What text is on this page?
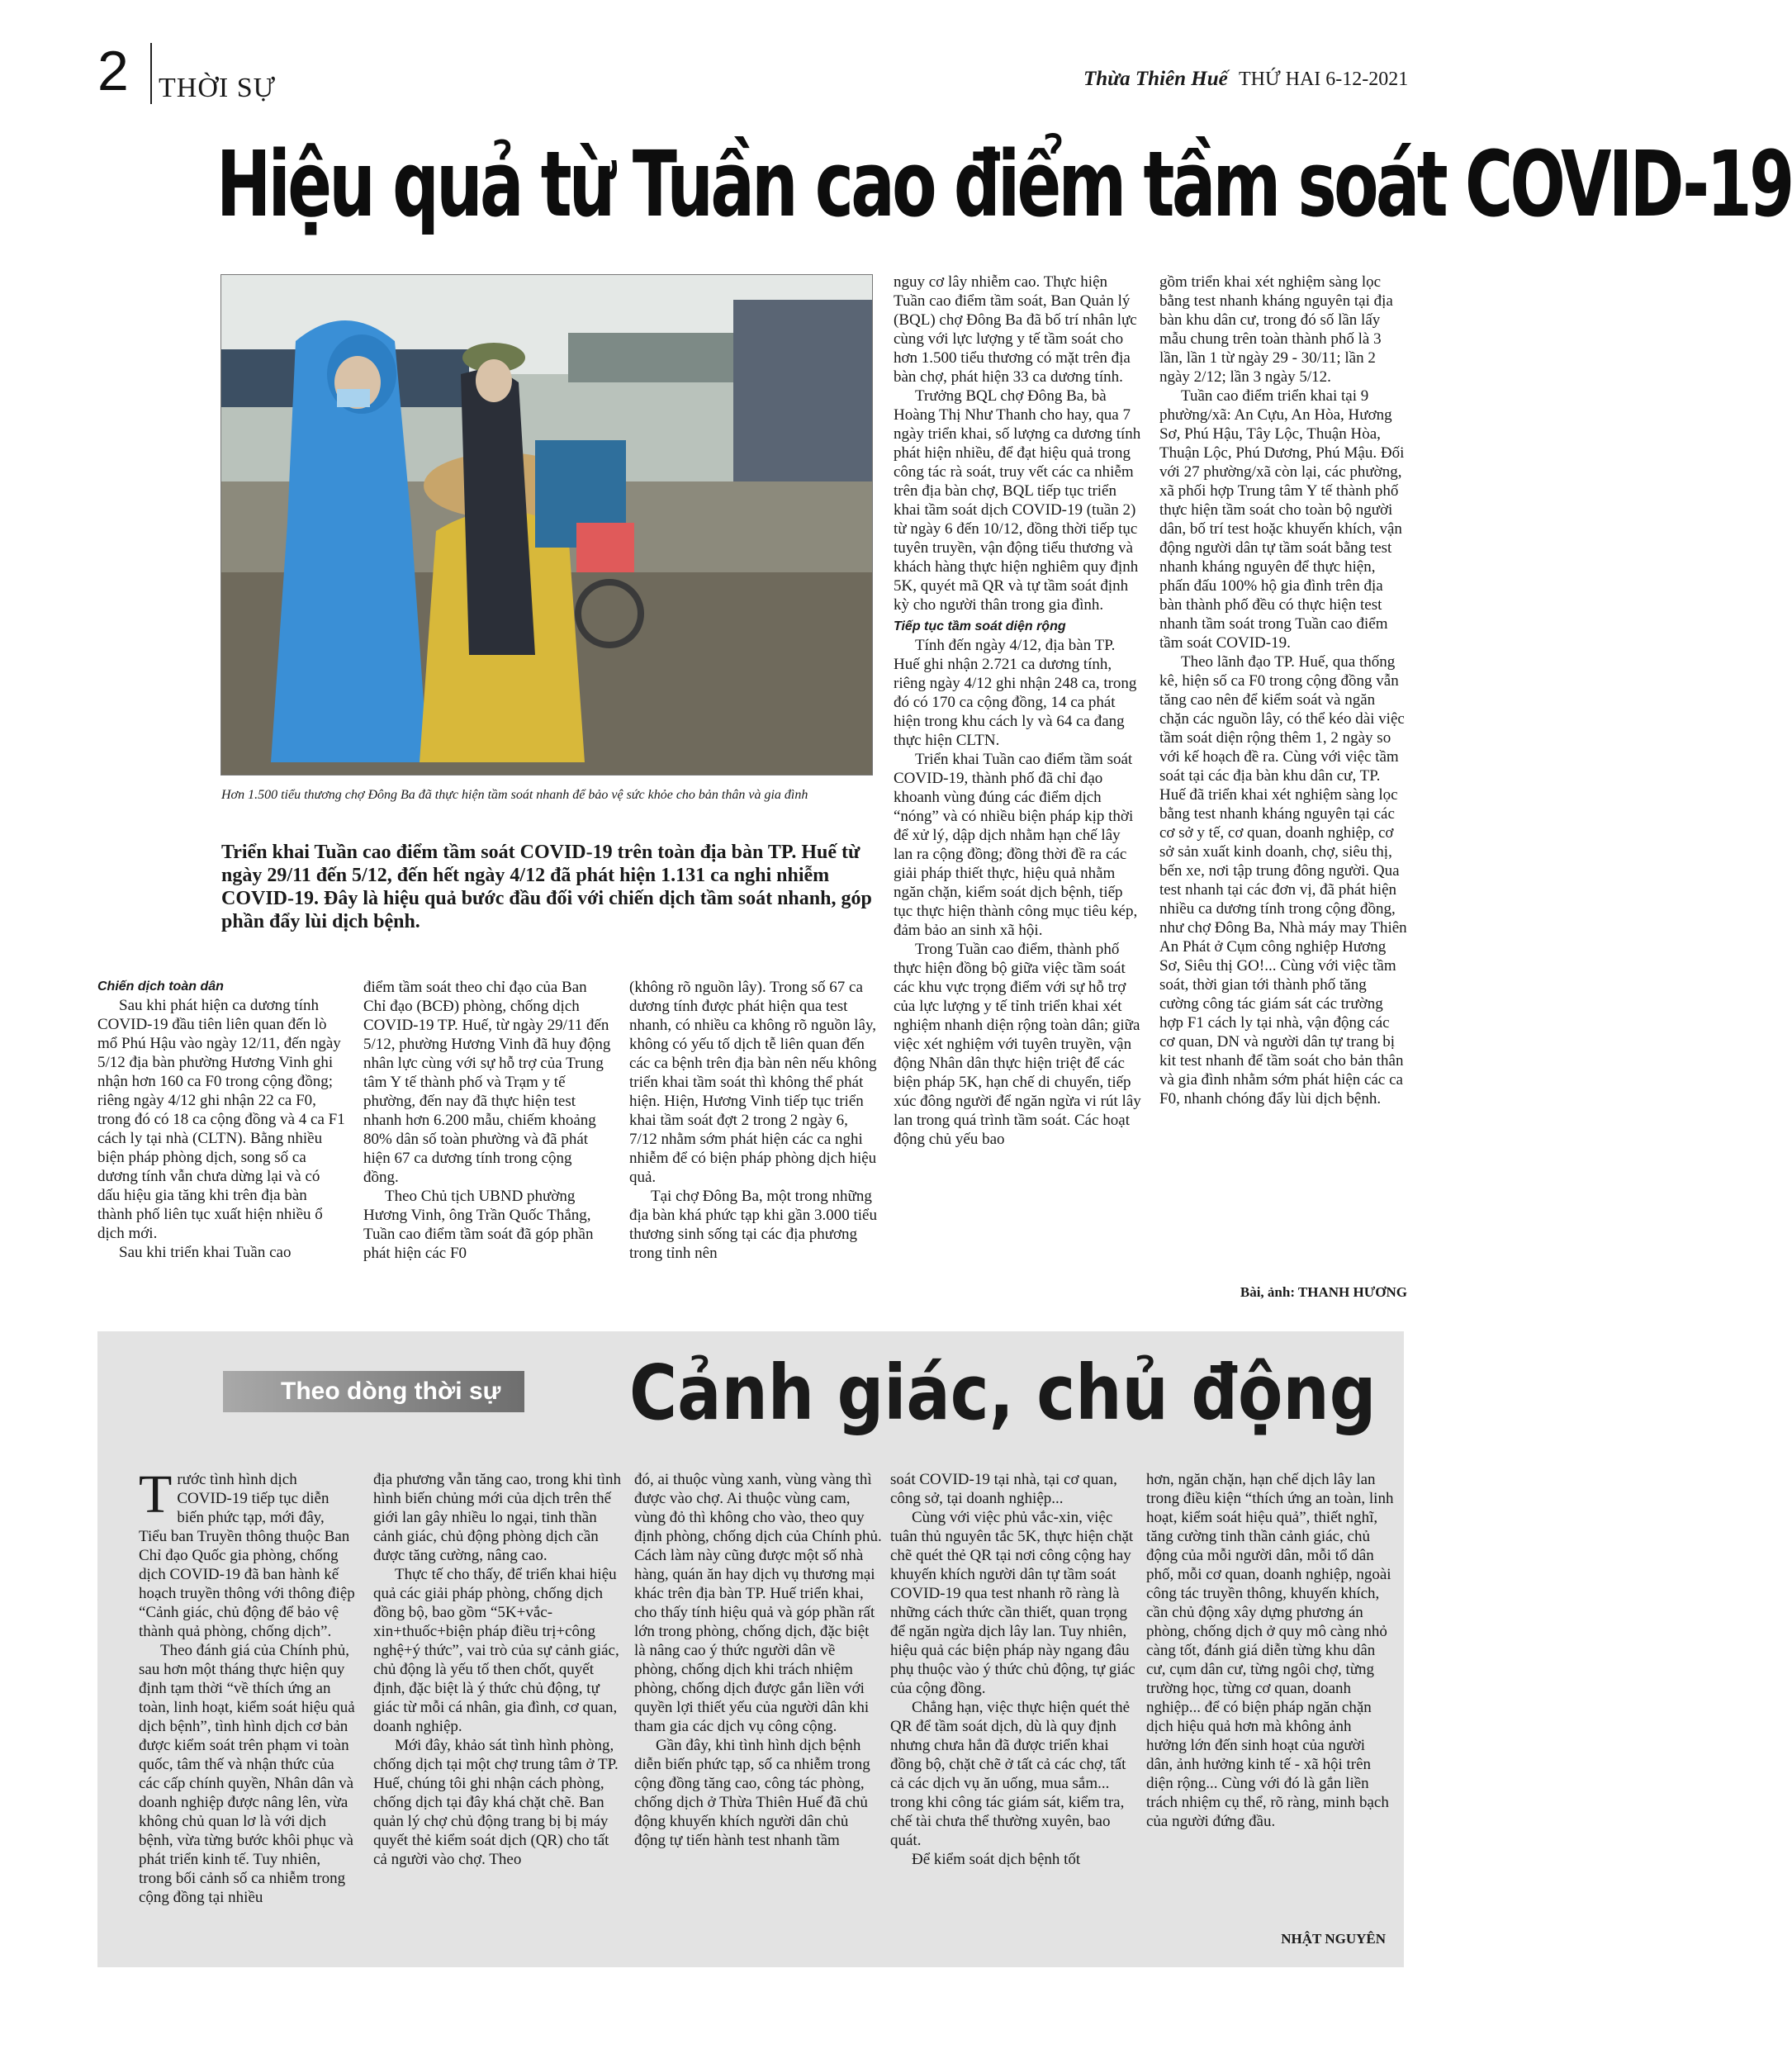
2 THỜI SỰ	Thừa Thiên Huế THỨ HAI 6-12-2021
Hiệu quả từ Tuần cao điểm tầm soát COVID-19
Hơn 1.500 tiểu thương chợ Đông Ba đã thực hiện tầm soát nhanh để bảo vệ sức khỏe cho bản thân và gia đình
Triển khai Tuần cao điểm tầm soát COVID-19 trên toàn địa bàn TP. Huế từ ngày 29/11 đến 5/12, đến hết ngày 4/12 đã phát hiện 1.131 ca nghi nhiễm COVID-19. Đây là hiệu quả bước đầu đối với chiến dịch tầm soát nhanh, góp phần đẩy lùi dịch bệnh.
Chiến dịch toàn dân

Sau khi phát hiện ca dương tính COVID-19 đầu tiên liên quan đến lò mổ Phú Hậu vào ngày 12/11, đến ngày 5/12 địa bàn phường Hương Vinh ghi nhận hơn 160 ca F0 trong cộng đồng; riêng ngày 4/12 ghi nhận 22 ca F0, trong đó có 18 ca cộng đồng và 4 ca F1 cách ly tại nhà (CLTN). Bằng nhiều biện pháp phòng dịch, song số ca dương tính vẫn chưa dừng lại và có dấu hiệu gia tăng khi trên địa bàn thành phố liên tục xuất hiện nhiều ổ dịch mới.

Sau khi triển khai Tuần cao

điểm tầm soát theo chỉ đạo của Ban Chỉ đạo (BCĐ) phòng, chống dịch COVID-19 TP. Huế, từ ngày 29/11 đến 5/12, phường Hương Vinh đã huy động nhân lực cùng với sự hỗ trợ của Trung tâm Y tế thành phố và Trạm y tế phường, đến nay đã thực hiện test nhanh hơn 6.200 mẫu, chiếm khoảng 80% dân số toàn phường và đã phát hiện 67 ca dương tính trong cộng đồng.

Theo Chủ tịch UBND phường Hương Vinh, ông Trần Quốc Thắng, Tuần cao điểm tầm soát đã góp phần phát hiện các F0

(không rõ nguồn lây). Trong số 67 ca dương tính được phát hiện qua test nhanh, có nhiều ca không rõ nguồn lây, không có yếu tố dịch tễ liên quan đến các ca bệnh trên địa bàn nên nếu không triển khai tầm soát thì không thể phát hiện. Hiện, Hương Vinh tiếp tục triển khai tầm soát đợt 2 trong 2 ngày 6, 7/12 nhằm sớm phát hiện các ca nghi nhiễm để có biện pháp phòng dịch hiệu quả.

Tại chợ Đông Ba, một trong những địa bàn khá phức tạp khi gần 3.000 tiểu thương sinh sống tại các địa phương trong tỉnh nên

nguy cơ lây nhiễm cao. Thực hiện Tuần cao điểm tầm soát, Ban Quản lý (BQL) chợ Đông Ba đã bố trí nhân lực cùng với lực lượng y tế tầm soát cho hơn 1.500 tiểu thương có mặt trên địa bàn chợ, phát hiện 33 ca dương tính.

Trưởng BQL chợ Đông Ba, bà Hoàng Thị Như Thanh cho hay, qua 7 ngày triển khai, số lượng ca dương tính phát hiện nhiều, để đạt hiệu quả trong công tác rà soát, truy vết các ca nhiễm trên địa bàn chợ, BQL tiếp tục triển khai tầm soát dịch COVID-19 (tuần 2) từ ngày 6 đến 10/12, đồng thời tiếp tục tuyên truyền, vận động tiểu thương và khách hàng thực hiện nghiêm quy định 5K, quyét mã QR và tự tầm soát định kỳ cho người thân trong gia đình.

Tiếp tục tầm soát diện rộng

Tính đến ngày 4/12, địa bàn TP. Huế ghi nhận 2.721 ca dương tính, riêng ngày 4/12 ghi nhận 248 ca, trong đó có 170 ca cộng đồng, 14 ca phát hiện trong khu cách ly và 64 ca đang thực hiện CLTN.

Triển khai Tuần cao điểm tầm soát COVID-19, thành phố đã chỉ đạo khoanh vùng đúng các điểm dịch “nóng” và có nhiều biện pháp kịp thời để xử lý, dập dịch nhằm hạn chế lây lan ra cộng đồng; đồng thời đề ra các giải pháp thiết thực, hiệu quả nhằm ngăn chặn, kiểm soát dịch bệnh, tiếp tục thực hiện thành công mục tiêu kép, đảm bảo an sinh xã hội.

Trong Tuần cao điểm, thành phố thực hiện đồng bộ giữa việc tầm soát các khu vực trọng điểm với sự hỗ trợ của lực lượng y tế tỉnh triển khai xét nghiệm nhanh diện rộng toàn dân; giữa việc xét nghiệm với tuyên truyền, vận động Nhân dân thực hiện triệt để các biện pháp 5K, hạn chế di chuyển, tiếp xúc đông người để ngăn ngừa vi rút lây lan trong quá trình tầm soát. Các hoạt động chủ yếu bao

gồm triển khai xét nghiệm sàng lọc bằng test nhanh kháng nguyên tại địa bàn khu dân cư, trong đó số lần lấy mẫu chung trên toàn thành phố là 3 lần, lần 1 từ ngày 29 - 30/11; lần 2 ngày 2/12; lần 3 ngày 5/12.

Tuần cao điểm triển khai tại 9 phường/xã: An Cựu, An Hòa, Hương Sơ, Phú Hậu, Tây Lộc, Thuận Hòa, Thuận Lộc, Phú Dương, Phú Mậu. Đối với 27 phường/xã còn lại, các phường, xã phối hợp Trung tâm Y tế thành phố thực hiện tầm soát cho toàn bộ người dân, bố trí test hoặc khuyến khích, vận động người dân tự tầm soát bằng test nhanh kháng nguyên để thực hiện, phấn đấu 100% hộ gia đình trên địa bàn thành phố đều có thực hiện test nhanh tầm soát trong Tuần cao điểm tầm soát COVID-19.

Theo lãnh đạo TP. Huế, qua thống kê, hiện số ca F0 trong cộng đồng vẫn tăng cao nên để kiểm soát và ngăn chặn các nguồn lây, có thể kéo dài việc tầm soát diện rộng thêm 1, 2 ngày so với kế hoạch đề ra. Cùng với việc tầm soát tại các địa bàn khu dân cư, TP. Huế đã triển khai xét nghiệm sàng lọc bằng test nhanh kháng nguyên tại các cơ sở y tế, cơ quan, doanh nghiệp, cơ sở sản xuất kinh doanh, chợ, siêu thị, bến xe, nơi tập trung đông người. Qua test nhanh tại các đơn vị, đã phát hiện nhiều ca dương tính trong cộng đồng, như chợ Đông Ba, Nhà máy may Thiên An Phát ở Cụm công nghiệp Hương Sơ, Siêu thị GO!... Cùng với việc tầm soát, thời gian tới thành phố tăng cường công tác giám sát các trường hợp F1 cách ly tại nhà, vận động các cơ quan, DN và người dân tự trang bị kit test nhanh để tầm soát cho bản thân và gia đình nhằm sớm phát hiện các ca F0, nhanh chóng đẩy lùi dịch bệnh.

Bài, ảnh: THANH HƯƠNG
Theo dòng thời sự	Cảnh giác, chủ động

Trước tình hình dịch COVID-19 tiếp tục diễn biến phức tạp, mới đây, Tiểu ban Truyền thông thuộc Ban Chỉ đạo Quốc gia phòng, chống dịch COVID-19 đã ban hành kế hoạch truyền thông với thông điệp “Cảnh giác, chủ động để bảo vệ thành quả phòng, chống dịch”.

Theo đánh giá của Chính phủ, sau hơn một tháng thực hiện quy định tạm thời “về thích ứng an toàn, linh hoạt, kiểm soát hiệu quả dịch bệnh”, tình hình dịch cơ bản được kiểm soát trên phạm vi toàn quốc, tâm thế và nhận thức của các cấp chính quyền, Nhân dân và doanh nghiệp được nâng lên, vừa không chủ quan lơ là với dịch bệnh, vừa từng bước khôi phục và phát triển kinh tế. Tuy nhiên, trong bối cảnh số ca nhiễm trong cộng đồng tại nhiều

địa phương vẫn tăng cao, trong khi tình hình biến chủng mới của dịch trên thế giới lan gây nhiều lo ngại, tinh thần cảnh giác, chủ động phòng dịch cần được tăng cường, nâng cao.

Thực tế cho thấy, để triển khai hiệu quả các giải pháp phòng, chống dịch đồng bộ, bao gồm “5K+vắc-xin+thuốc+biện pháp điều trị+công nghệ+ý thức”, vai trò của sự cảnh giác, chủ động là yếu tố then chốt, quyết định, đặc biệt là ý thức chủ động, tự giác từ mỗi cá nhân, gia đình, cơ quan, doanh nghiệp.

Mới đây, khảo sát tình hình phòng, chống dịch tại một chợ trung tâm ở TP. Huế, chúng tôi ghi nhận cách phòng, chống dịch tại đây khá chặt chẽ. Ban quản lý chợ chủ động trang bị bị máy quyết thẻ kiểm soát dịch (QR) cho tất cả người vào chợ. Theo

đó, ai thuộc vùng xanh, vùng vàng thì được vào chợ. Ai thuộc vùng cam, vùng đỏ thì không cho vào, theo quy định phòng, chống dịch của Chính phủ. Cách làm này cũng được một số nhà hàng, quán ăn hay dịch vụ thương mại khác trên địa bàn TP. Huế triển khai, cho thấy tính hiệu quả và góp phần rất lớn trong phòng, chống dịch, đặc biệt là nâng cao ý thức người dân về phòng, chống dịch khi trách nhiệm phòng, chống dịch được gắn liền với quyền lợi thiết yếu của người dân khi tham gia các dịch vụ công cộng.

Gần đây, khi tình hình dịch bệnh diễn biến phức tạp, số ca nhiễm trong cộng đồng tăng cao, công tác phòng, chống dịch ở Thừa Thiên Huế đã chủ động khuyến khích người dân chủ động tự tiến hành test nhanh tầm

soát COVID-19 tại nhà, tại cơ quan, công sở, tại doanh nghiệp...

Cùng với việc phủ vắc-xin, việc tuân thủ nguyên tắc 5K, thực hiện chặt chẽ quét thẻ QR tại nơi công cộng hay khuyến khích người dân tự tầm soát COVID-19 qua test nhanh rõ ràng là những cách thức cần thiết, quan trọng để ngăn ngừa dịch lây lan. Tuy nhiên, hiệu quả các biện pháp này ngang đâu phụ thuộc vào ý thức chủ động, tự giác của cộng đồng.

Chẳng hạn, việc thực hiện quét thẻ QR để tầm soát dịch, dù là quy định nhưng chưa hẳn đã được triển khai đồng bộ, chặt chẽ ở tất cả các chợ, tất cả các dịch vụ ăn uống, mua sắm... trong khi công tác giám sát, kiểm tra, chế tài chưa thể thường xuyên, bao quát.

Để kiểm soát dịch bệnh tốt

hơn, ngăn chặn, hạn chế dịch lây lan trong điều kiện “thích ứng an toàn, linh hoạt, kiểm soát hiệu quả”, thiết nghĩ, tăng cường tinh thần cảnh giác, chủ động của mỗi người dân, mỗi tổ dân phố, mỗi cơ quan, doanh nghiệp, ngoài công tác truyền thông, khuyến khích, cần chủ động xây dựng phương án phòng, chống dịch ở quy mô càng nhỏ càng tốt, đánh giá diễn từng khu dân cư, cụm dân cư, từng ngôi chợ, từng trường học, từng cơ quan, doanh nghiệp... để có biện pháp ngăn chặn dịch hiệu quả hơn mà không ảnh hưởng lớn đến sinh hoạt của người dân, ảnh hưởng kinh tế - xã hội trên diện rộng... Cùng với đó là gắn liền trách nhiệm cụ thể, rõ ràng, minh bạch của người đứng đầu.

NHẬT NGUYÊN
